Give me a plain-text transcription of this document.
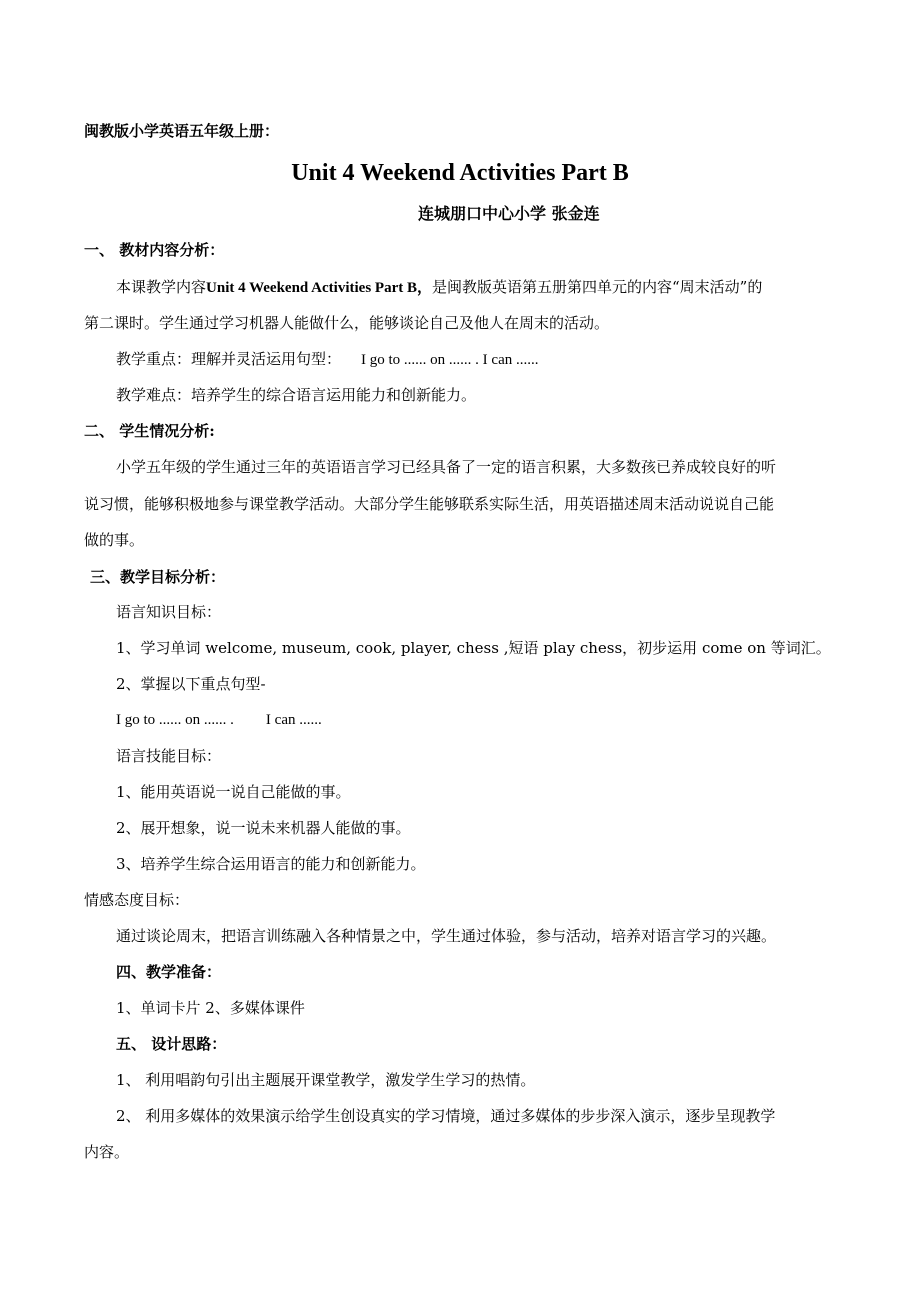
闽教版小学英语五年级上册：
Unit 4 Weekend Activities Part B
连城朋口中心小学 张金连
一、 教材内容分析：
本课教学内容Unit 4 Weekend Activities Part B，是闽教版英语第五册第四单元的内容“周末活动”的
第二课时。学生通过学习机器人能做什么，能够谈论自己及他人在周末的活动。
教学重点：理解并灵活运用句型： I go to ...... on ...... . I can ......
教学难点：培养学生的综合语言运用能力和创新能力。
二、 学生情况分析:
小学五年级的学生通过三年的英语语言学习已经具备了一定的语言积累，大多数孩已养成较良好的听
说习惯，能够积极地参与课堂教学活动。大部分学生能够联系实际生活，用英语描述周末活动说说自己能
做的事。
三、教学目标分析：
语言知识目标：
1、学习单词 welcome, museum, cook, player, chess ,短语 play chess，初步运用 come on 等词汇。
2、掌握以下重点句型-
I go to ...... on ...... . I can ......
语言技能目标：
1、能用英语说一说自己能做的事。
2、展开想象，说一说未来机器人能做的事。
3、培养学生综合运用语言的能力和创新能力。
情感态度目标：
通过谈论周末，把语言训练融入各种情景之中，学生通过体验，参与活动，培养对语言学习的兴趣。
四、教学准备：
1、单词卡片 2、多媒体课件
五、 设计思路：
1、 利用唱韵句引出主题展开课堂教学，激发学生学习的热情。
2、 利用多媒体的效果演示给学生创设真实的学习情境，通过多媒体的步步深入演示，逐步呈现教学
内容。
